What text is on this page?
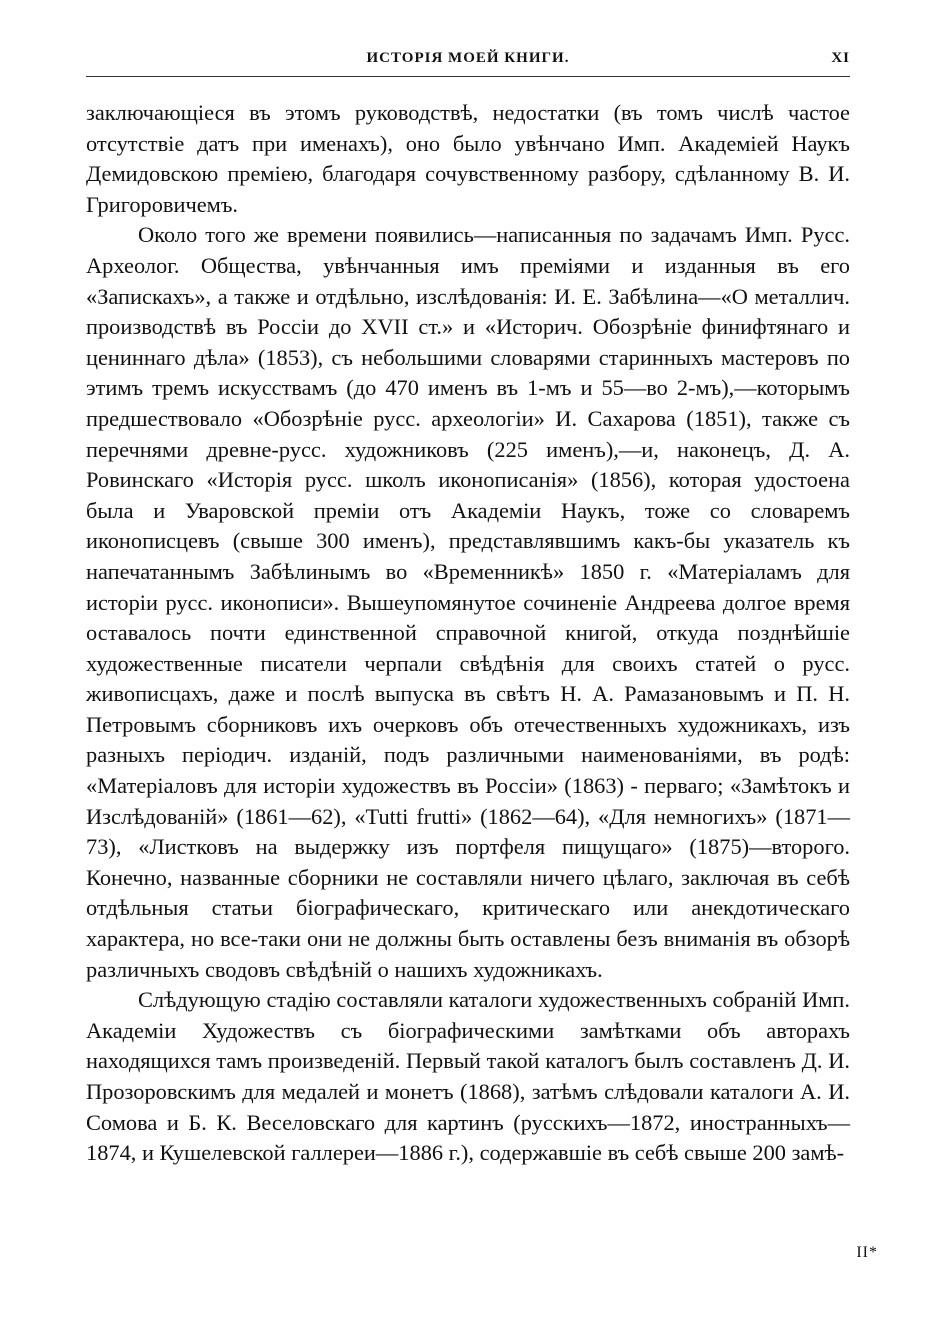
ИСТОРІЯ МОЕЙ КНИГИ.	XI

заключающіеся въ этомъ руководствѣ, недостатки (въ томъ числѣ частое отсутствіе датъ при именахъ), оно было увѣнчано Имп. Академіей Наукъ Демидовскою преміею, благодаря сочувственному разбору, сдѣланному В. И. Григоровичемъ.

Около того же времени появились—написанныя по задачамъ Имп. Русс. Археолог. Общества, увѣнчанныя имъ преміями и изданныя въ его «Запискахъ», а также и отдѣльно, изслѣдованія: И. Е. Забѣлина—«О металлич. производствѣ въ Россіи до XVII ст.» и «Историч. Обозрѣніе финифтянаго и цениннаго дѣла» (1853), съ небольшими словарями старинныхъ мастеровъ по этимъ тремъ искусствамъ (до 470 именъ въ 1-мъ и 55—во 2-мъ),—которымъ предшествовало «Обозрѣніе русс. археологіи» И. Сахарова (1851), также съ перечнями древне-русс. художниковъ (225 именъ),—и, наконецъ, Д. А. Ровинскаго «Исторія русс. школъ иконописанія» (1856), которая удостоена была и Уваровской преміи отъ Академіи Наукъ, тоже со словаремъ иконописцевъ (свыше 300 именъ), представлявшимъ какъ-бы указатель къ напечатаннымъ Забѣлинымъ во «Временникѣ» 1850 г. «Матеріаламъ для исторіи русс. иконописи». Вышеупомянутое сочиненіе Андреева долгое время оставалось почти единственной справочной книгой, откуда позднѣйшіе художественные писатели черпали свѣдѣнія для своихъ статей о русс. живописцахъ, даже и послѣ выпуска въ свѣтъ Н. А. Рамазановымъ и П. Н. Петровымъ сборниковъ ихъ очерковъ объ отечественныхъ художникахъ, изъ разныхъ періодич. изданій, подъ различными наименованіями, въ родѣ: «Матеріаловъ для исторіи художествъ въ Россіи» (1863) - перваго; «Замѣтокъ и Изслѣдованій» (1861—62), «Tutti frutti» (1862—64), «Для немногихъ» (1871—73), «Листковъ на выдержку изъ портфеля пищущаго» (1875)—второго. Конечно, названные сборники не составляли ничего цѣлаго, заключая въ себѣ отдѣльныя статьи біографическаго, критическаго или анекдотическаго характера, но все-таки они не должны быть оставлены безъ вниманія въ обзорѣ различныхъ сводовъ свѣдѣній о нашихъ художникахъ.

Слѣдующую стадію составляли каталоги художественныхъ собраній Имп. Академіи Художествъ съ біографическими замѣтками объ авторахъ находящихся тамъ произведеній. Первый такой каталогъ былъ составленъ Д. И. Прозоровскимъ для медалей и монетъ (1868), затѣмъ слѣдовали каталоги А. И. Сомова и Б. К. Веселовскаго для картинъ (русскихъ—1872, иностранныхъ—1874, и Кушелевской галлереи—1886 г.), содержавшіе въ себѣ свыше 200 замѣ-

II*
